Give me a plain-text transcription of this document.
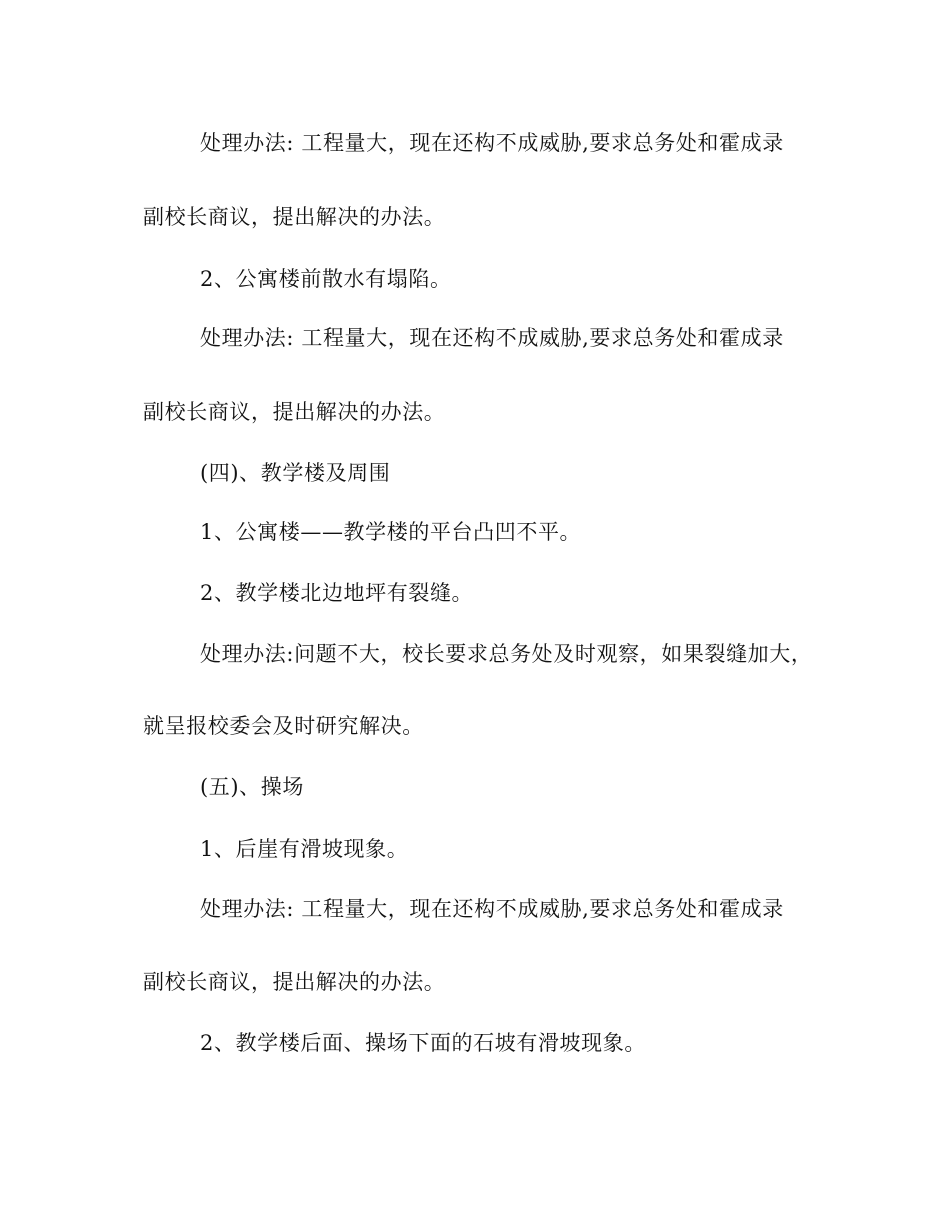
处理办法: 工程量大，现在还构不成威胁,要求总务处和霍成录
副校长商议，提出解决的办法。
2、公寓楼前散水有塌陷。
处理办法: 工程量大，现在还构不成威胁,要求总务处和霍成录
副校长商议，提出解决的办法。
(四)、教学楼及周围
1、公寓楼——教学楼的平台凸凹不平。
2、教学楼北边地坪有裂缝。
处理办法:问题不大，校长要求总务处及时观察，如果裂缝加大，
就呈报校委会及时研究解决。
(五)、操场
1、后崖有滑坡现象。
处理办法: 工程量大，现在还构不成威胁,要求总务处和霍成录
副校长商议，提出解决的办法。
2、教学楼后面、操场下面的石坡有滑坡现象。
